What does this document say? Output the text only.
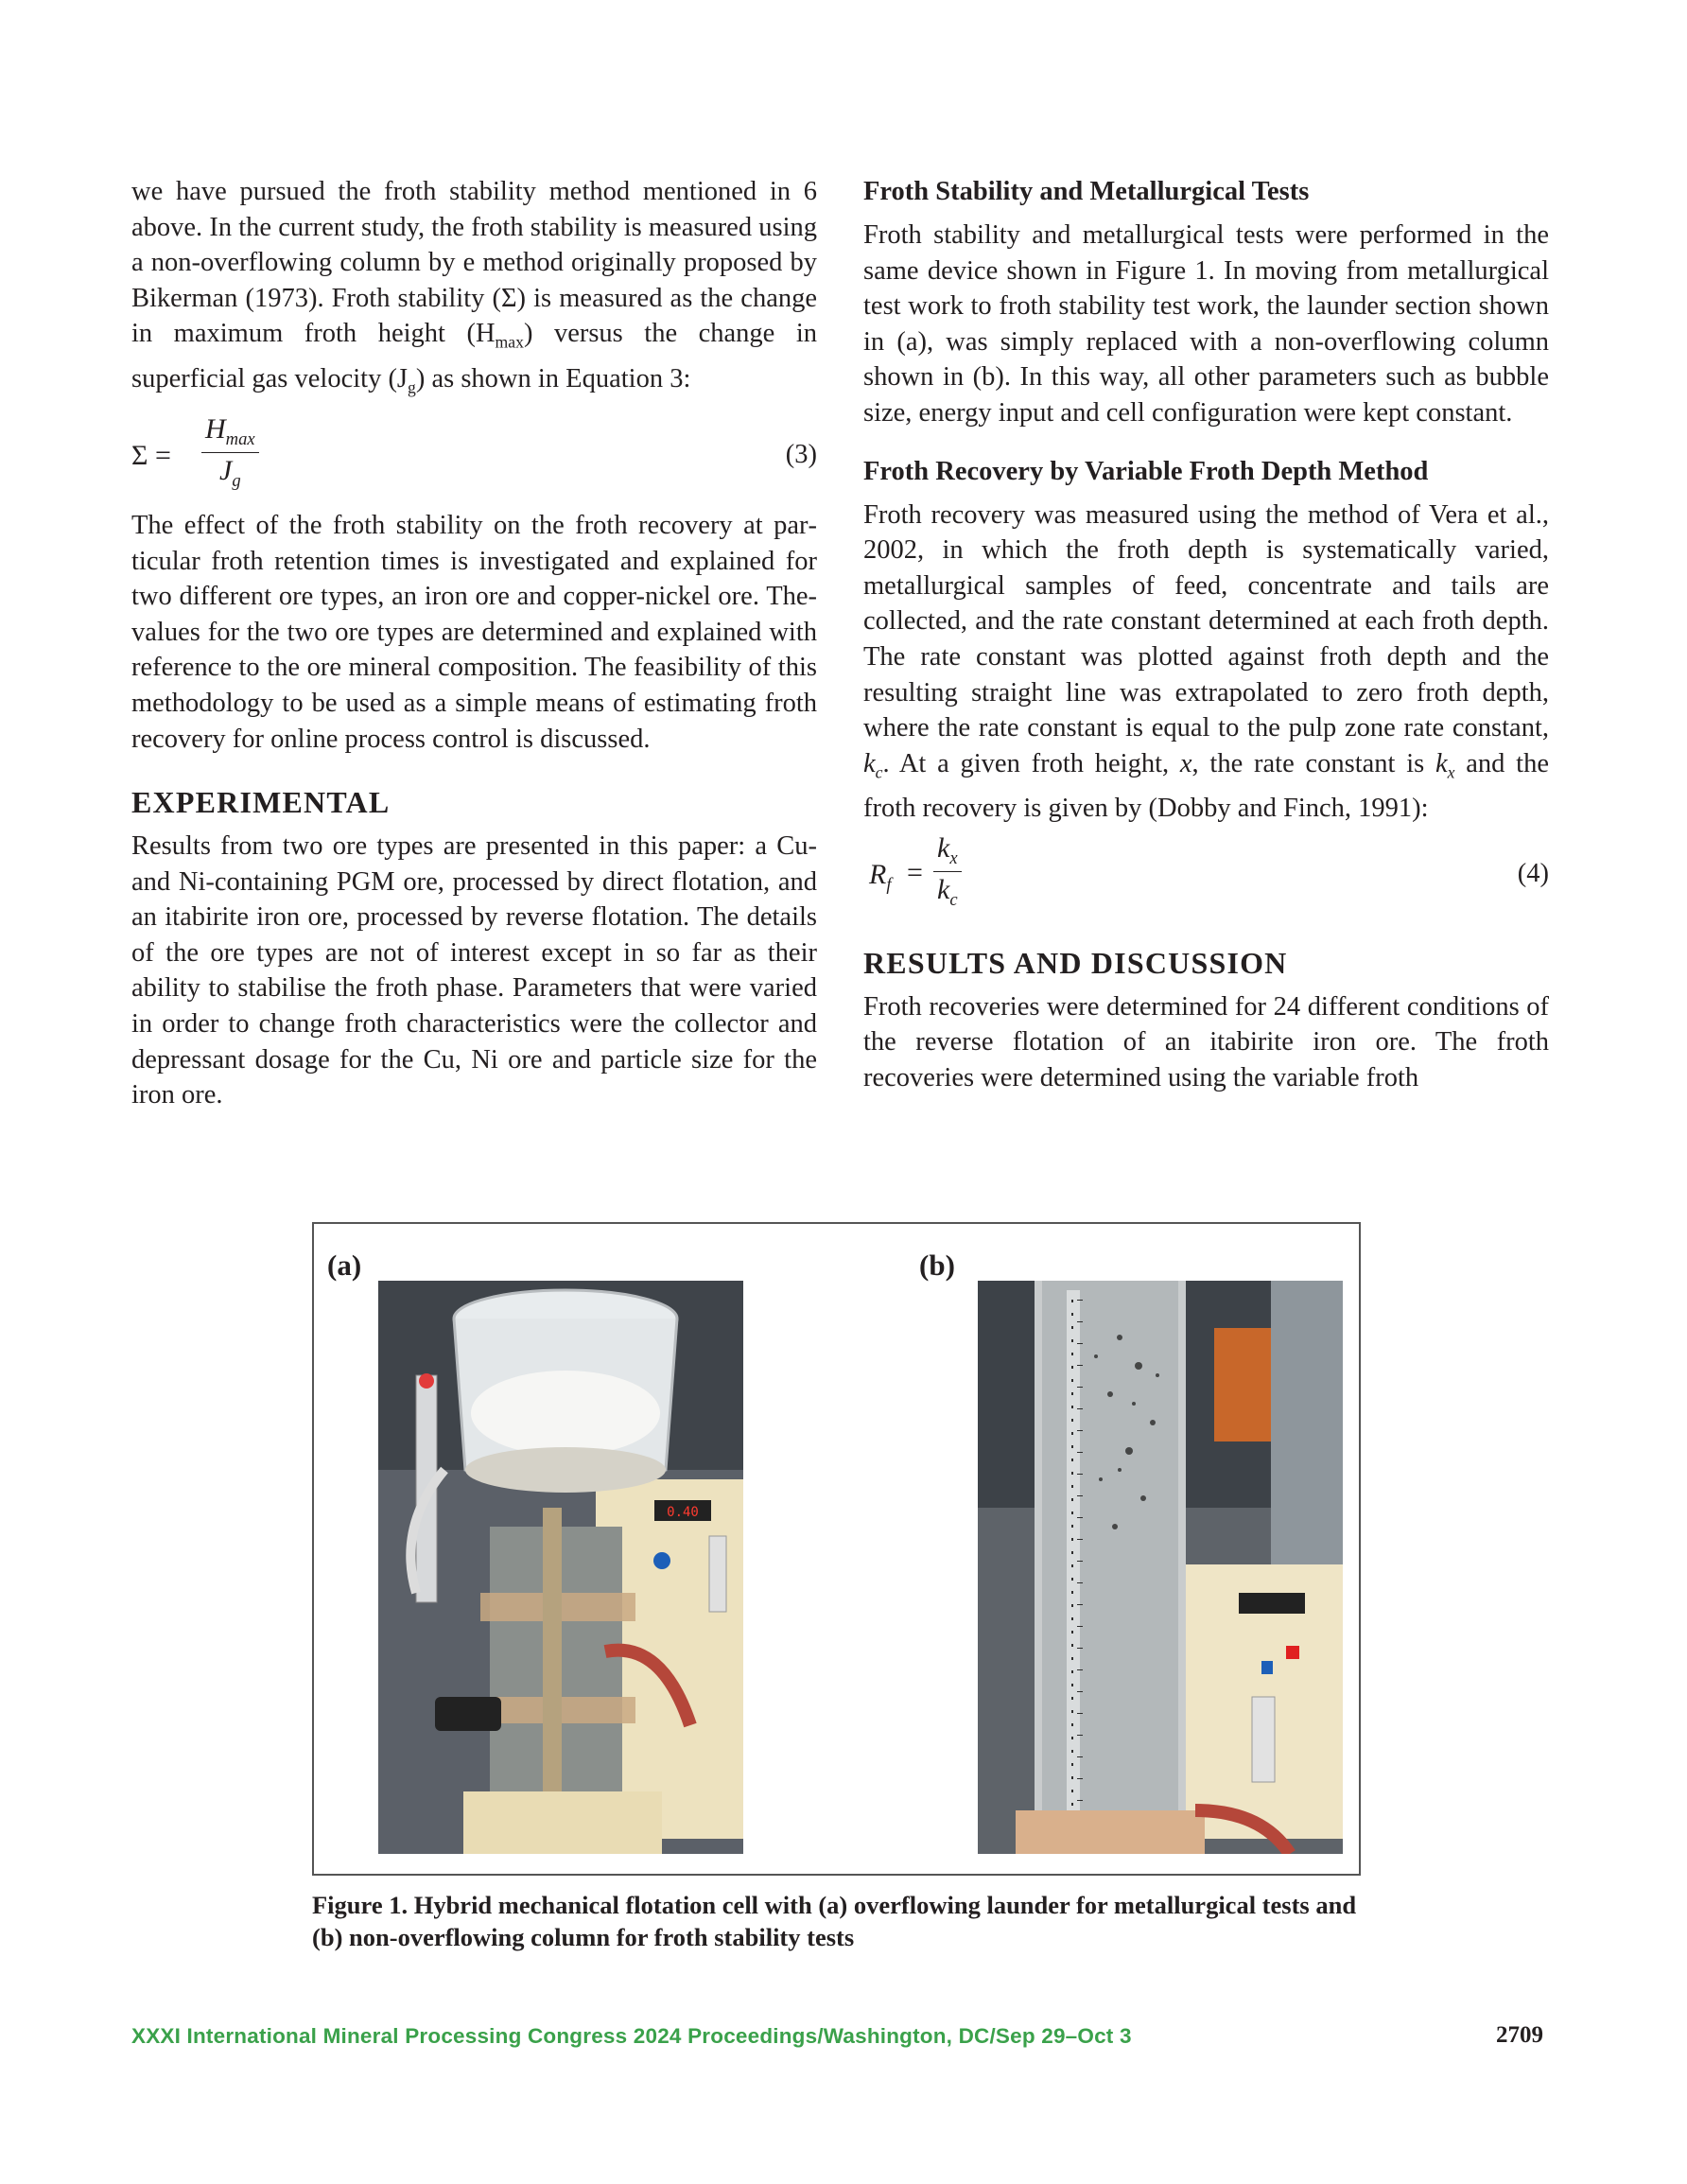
we have pursued the froth stability method mentioned in 6 above. In the current study, the froth stability is measured using a non-overflowing column by e method originally proposed by Bikerman (1973). Froth stability (Σ) is measured as the change in maximum froth height $(H_{max})$ versus the change in superficial gas velocity $(J_g)$ as shown in Equation 3:

Σ =
$H_{max}$
$J_g$
(3)

The effect of the froth stability on the froth recovery at particular froth retention times is investigated and explained for two different ore types, an iron ore and copper-nickel ore. The-values for the two ore types are determined and explained with reference to the ore mineral composition. The feasibility of this methodology to be used as a simple means of estimating froth recovery for online process control is discussed.

EXPERIMENTAL

Results from two ore types are presented in this paper: a Cu- and Ni-containing PGM ore, processed by direct flotation, and an itabirite iron ore, processed by reverse flotation. The details of the ore types are not of interest except in so far as their ability to stabilise the froth phase. Parameters that were varied in order to change froth characteristics were the collector and depressant dosage for the Cu, Ni ore and particle size for the iron ore.

Froth Stability and Metallurgical Tests

Froth stability and metallurgical tests were performed in the same device shown in Figure 1. In moving from metallurgical test work to froth stability test work, the launder section shown in (a), was simply replaced with a non-overflowing column shown in (b). In this way, all other parameters such as bubble size, energy input and cell configuration were kept constant.

Froth Recovery by Variable Froth Depth Method

Froth recovery was measured using the method of Vera et al., 2002, in which the froth depth is systematically varied, metallurgical samples of feed, concentrate and tails are collected, and the rate constant determined at each froth depth. The rate constant was plotted against froth depth and the resulting straight line was extrapolated to zero froth depth, where the rate constant is equal to the pulp zone rate constant, $k_c$. At a given froth height, x, the rate constant is $k_x$ and the froth recovery is given by (Dobby and Finch, 1991):

$R_f = \frac{k_x}{k_c}$	(4)
RESULTS AND DISCUSSION

Froth recoveries were determined for 24 different conditions of the reverse flotation of an itabirite iron ore. The froth recoveries were determined using the variable froth

(a)	(b)
0.40
Figure 1. Hybrid mechanical flotation cell with (a) overflowing launder for metallurgical tests and (b) non-overflowing column for froth stability tests
XXXI International Mineral Processing Congress 2024 Proceedings/Washington, DC/Sep 29–Oct 3	2709
